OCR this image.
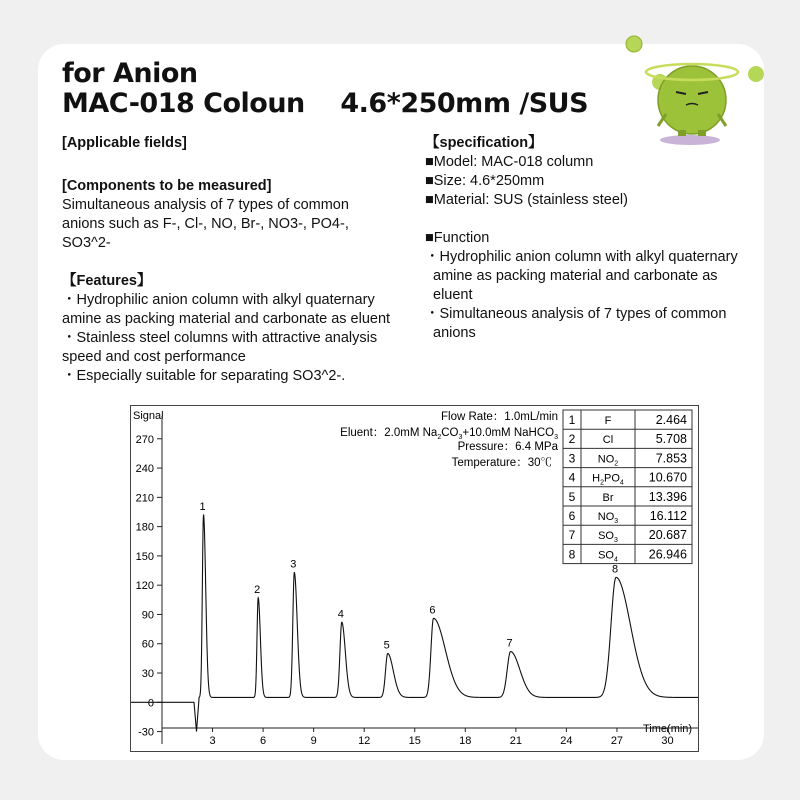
for Anion
MAC-018 Coloun    4.6*250mm /SUS
[Applicable fields]
[Components to be measured]
Simultaneous analysis of 7 types of common
anions such as F-, Cl-, NO, Br-, NO3-, PO4-,
SO3^2-
【Features】
・Hydrophilic anion column with alkyl quaternary
amine as packing material and carbonate as eluent
・Stainless steel columns with attractive analysis
speed and cost performance
・Especially suitable for separating SO3^2-.
【specification】
■Model: MAC-018 column
■Size: 4.6*250mm
■Material: SUS (stainless steel)
■Function
・Hydrophilic anion column with alkyl quaternary
amine as packing material and carbonate as
eluent
・Simultaneous analysis of 7 types of common
anions
Signal
Time(min)
Flow Rate：1.0mL/min
Eluent：2.0mM $Na_2CO_3+10.0mM$ NaHCO$_3$
Pressure：6.4 MPa
Temperature：30℃
-30
0
30
60
90
120
150
180
210
240
270
3	6	9	12	15	18	21	24	27	30
1	F	2.464
2 Cl	5.708
3 $NO_2$	7.853
4 $H_2PO_4$ 10.670
5 Br	13.396
6 $NO_3$	16.112
7 $SO_3$ 20.687
8 $SO_4$ 26.946
1
2
3
4
5
6
7
8
